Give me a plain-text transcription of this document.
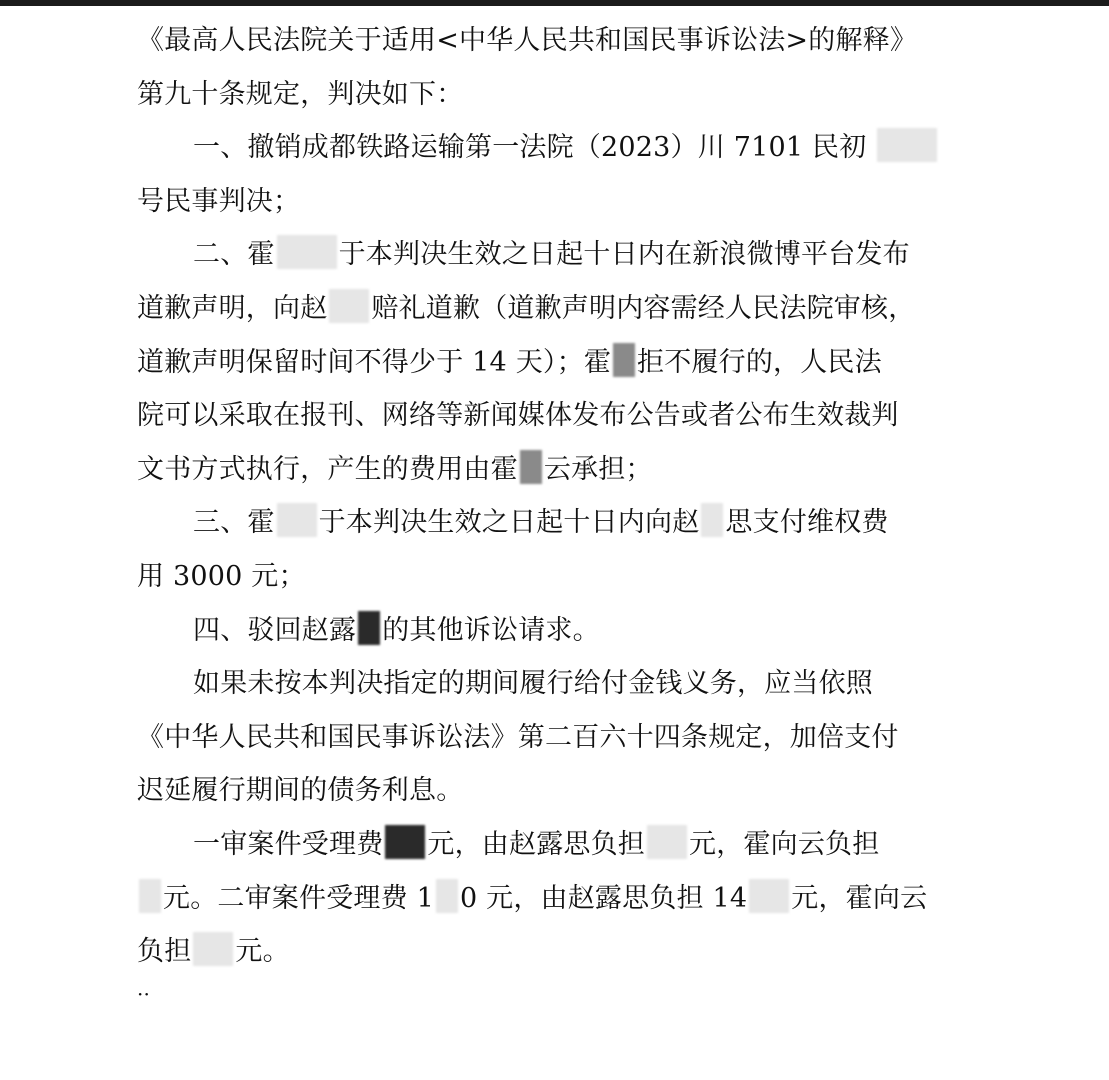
《最高人民法院关于适用<中华人民共和国民事诉讼法>的解释》
第九十条规定，判决如下：
一、撤销成都铁路运输第一法院（2023）川 7101 民初
号民事判决；
二、霍 于本判决生效之日起十日内在新浪微博平台发布
道歉声明，向赵 赔礼道歉（道歉声明内容需经人民法院审核，
道歉声明保留时间不得少于 14 天）；霍 拒不履行的，人民法
院可以采取在报刊、网络等新闻媒体发布公告或者公布生效裁判
文书方式执行，产生的费用由霍 云承担；
三、霍 于本判决生效之日起十日内向赵 思支付维权费
用 3000 元；
四、驳回赵露 的其他诉讼请求。
如果未按本判决指定的期间履行给付金钱义务，应当依照
《中华人民共和国民事诉讼法》第二百六十四条规定，加倍支付
迟延履行期间的债务利息。
一审案件受理费 元，由赵露思负担 元，霍向云负担
元。二审案件受理费 1 0 元，由赵露思负担 14 元，霍向云
负担 元。
··
